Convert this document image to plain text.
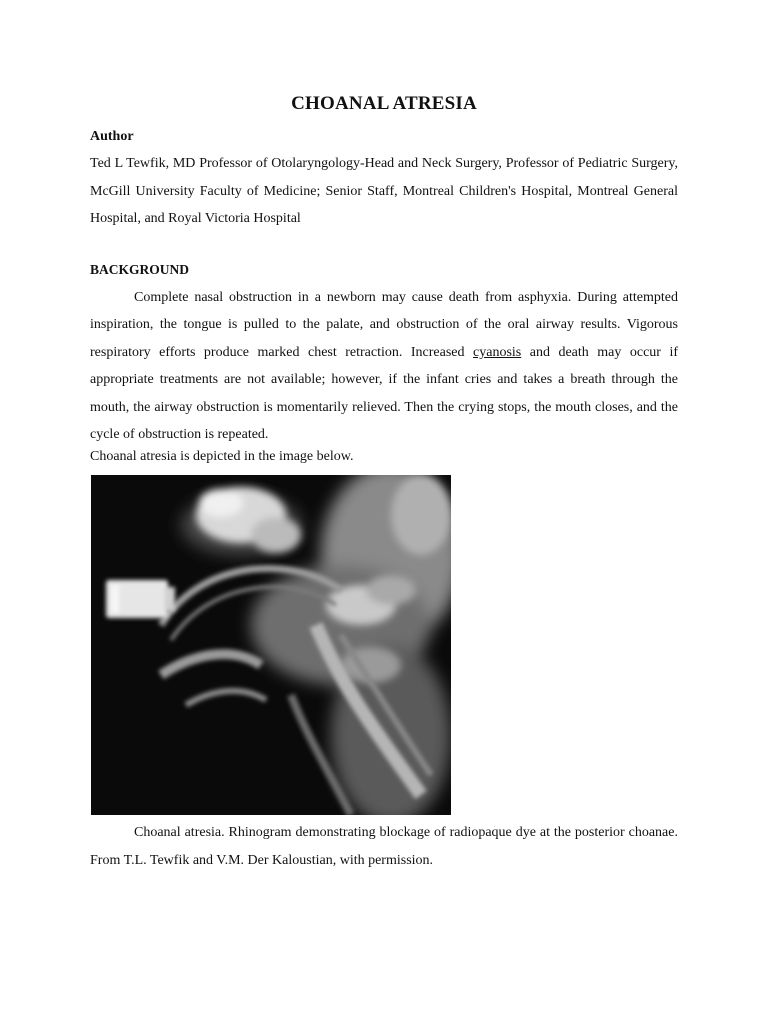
CHOANAL ATRESIA

Author

Ted L Tewfik, MD Professor of Otolaryngology-Head and Neck Surgery, Professor of Pediatric Surgery, McGill University Faculty of Medicine; Senior Staff, Montreal Children's Hospital, Montreal General Hospital, and Royal Victoria Hospital

BACKGROUND

Complete nasal obstruction in a newborn may cause death from asphyxia. During attempted inspiration, the tongue is pulled to the palate, and obstruction of the oral airway results. Vigorous respiratory efforts produce marked chest retraction. Increased cyanosis and death may occur if appropriate treatments are not available; however, if the infant cries and takes a breath through the mouth, the airway obstruction is momentarily relieved. Then the crying stops, the mouth closes, and the cycle of obstruction is repeated.

Choanal atresia is depicted in the image below.

Choanal atresia. Rhinogram demonstrating blockage of radiopaque dye at the posterior choanae. From T.L. Tewfik and V.M. Der Kaloustian, with permission.
